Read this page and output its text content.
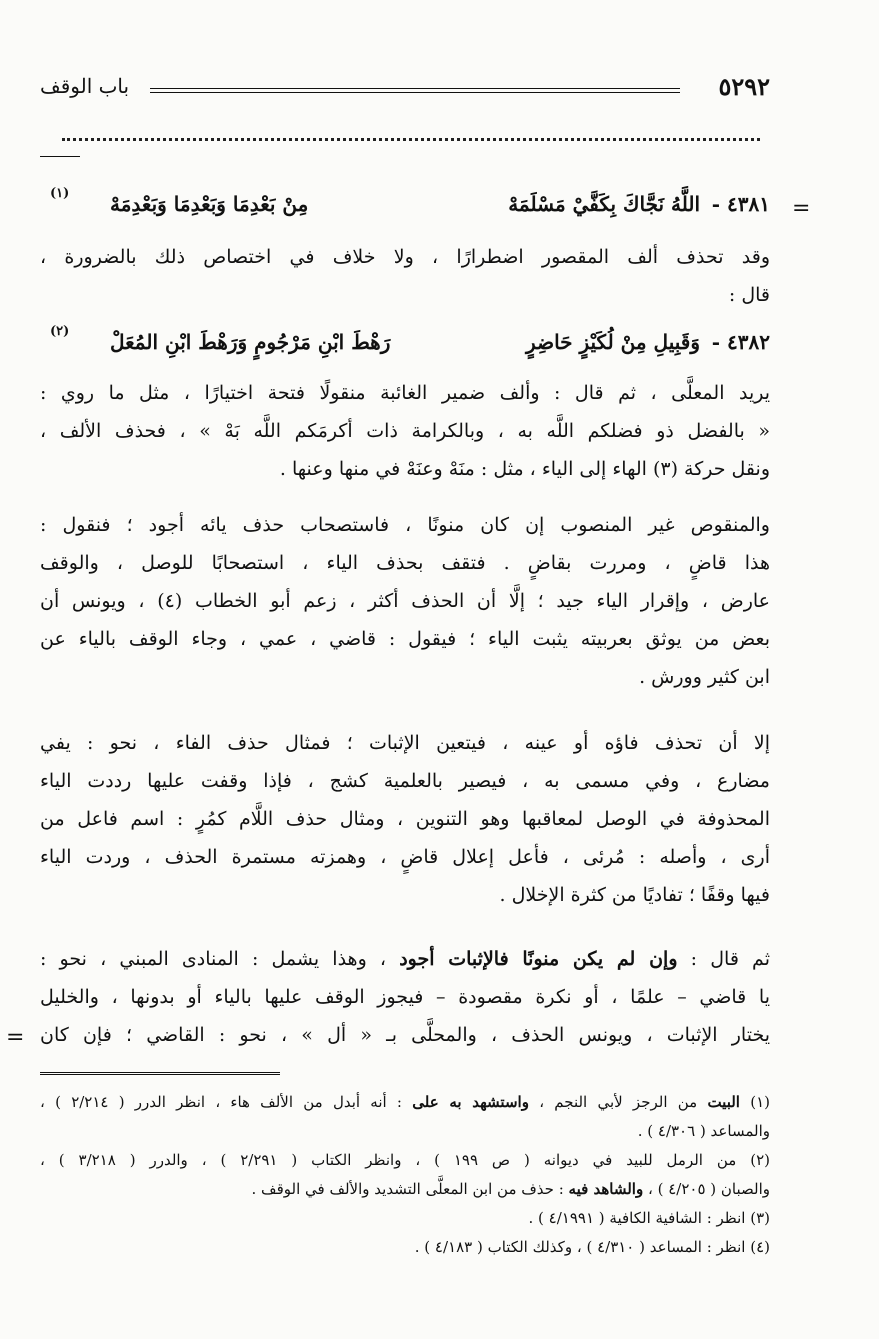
=
=
٥٢٩٢
باب الوقف
٤٣٨١ -
اللَّهُ نَجَّاكَ بِكَفَّيْ مَسْلَمَهْ
مِنْ بَعْدِمَا وَبَعْدِمَا وَبَعْدِمَهْ
(١)
وقد تحذف ألف المقصور اضطرارًا ، ولا خلاف في اختصاص ذلك بالضرورة ،
قال :
٤٣٨٢ -
وَقَبِيلِ مِنْ لُكَيْزٍ حَاضِرٍ
رَهْطَ ابْنِ مَرْجُومٍ وَرَهْطَ ابْنِ المُعَلْ
(٢)
يريد المعلَّى ، ثم قال : وألف ضمير الغائبة منقولًا فتحة اختيارًا ، مثل ما روي :
« بالفضل ذو فضلكم اللَّه به ، وبالكرامة ذات أكرمَكم اللَّه بَهْ » ، فحذف الألف ،
ونقل حركة (٣) الهاء إلى الياء ، مثل : منَهْ وعنَهْ في منها وعنها .
والمنقوص غير المنصوب إن كان منونًا ، فاستصحاب حذف يائه أجود ؛ فنقول :
هذا قاضٍ ، ومررت بقاضٍ . فتقف بحذف الياء ، استصحابًا للوصل ، والوقف
عارض ، وإقرار الياء جيد ؛ إلَّا أن الحذف أكثر ، زعم أبو الخطاب (٤) ، ويونس أن
بعض من يوثق بعربيته يثبت الياء ؛ فيقول : قاضي ، عمي ، وجاء الوقف بالياء عن
ابن كثير وورش .
إلا أن تحذف فاؤه أو عينه ، فيتعين الإثبات ؛ فمثال حذف الفاء ، نحو : يفي
مضارع ، وفي مسمى به ، فيصير بالعلمية كشج ، فإذا وقفت عليها رددت الياء
المحذوفة في الوصل لمعاقبها وهو التنوين ، ومثال حذف اللَّام كمُرٍ : اسم فاعل من
أرى ، وأصله : مُرئى ، فأعل إعلال قاضٍ ، وهمزته مستمرة الحذف ، وردت الياء
فيها وقفًا ؛ تفاديًا من كثرة الإخلال .
ثم قال : وإن لم يكن منونًا فالإثبات أجود ، وهذا يشمل : المنادى المبني ، نحو :
يا قاضي – علمًا ، أو نكرة مقصودة – فيجوز الوقف عليها بالياء أو بدونها ، والخليل
يختار الإثبات ، ويونس الحذف ، والمحلَّى بـ « أل » ، نحو : القاضي ؛ فإن كان
(١) البيت من الرجز لأبي النجم ، واستشهد به على : أنه أبدل من الألف هاء ، انظر الدرر ( ٢/٢١٤ ) ،
والمساعد ( ٤/٣٠٦ ) .
(٢) من الرمل للبيد في ديوانه ( ص ١٩٩ ) ، وانظر الكتاب ( ٢/٢٩١ ) ، والدرر ( ٣/٢١٨ ) ،
والصبان ( ٤/٢٠٥ ) ، والشاهد فيه : حذف من ابن المعلَّى التشديد والألف في الوقف .
(٣) انظر : الشافية الكافية ( ٤/١٩٩١ ) .
(٤) انظر : المساعد ( ٤/٣١٠ ) ، وكذلك الكتاب ( ٤/١٨٣ ) .
